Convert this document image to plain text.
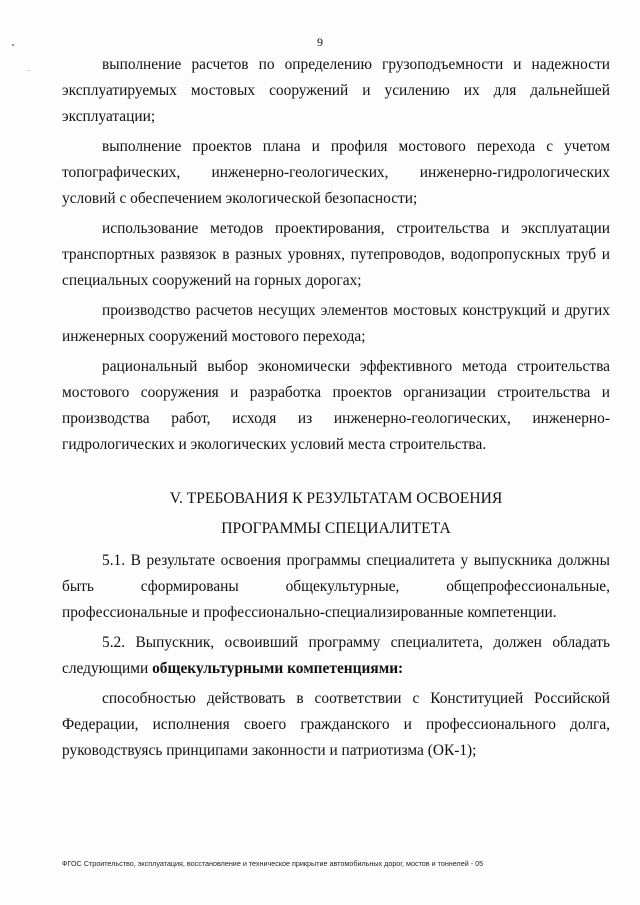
9

выполнение расчетов по определению грузоподъемности и надежности эксплуатируемых мостовых сооружений и усилению их для дальнейшей эксплуатации;

выполнение проектов плана и профиля мостового перехода с учетом топографических, инженерно-геологических, инженерно-гидрологических условий с обеспечением экологической безопасности;

использование методов проектирования, строительства и эксплуатации транспортных развязок в разных уровнях, путепроводов, водопропускных труб и специальных сооружений на горных дорогах;

производство расчетов несущих элементов мостовых конструкций и других инженерных сооружений мостового перехода;

рациональный выбор экономически эффективного метода строительства мостового сооружения и разработка проектов организации строительства и производства работ, исходя из инженерно-геологических, инженерно-гидрологических и экологических условий места строительства.

V. ТРЕБОВАНИЯ К РЕЗУЛЬТАТАМ ОСВОЕНИЯ
ПРОГРАММЫ СПЕЦИАЛИТЕТА

5.1. В результате освоения программы специалитета у выпускника должны быть сформированы общекультурные, общепрофессиональные, профессиональные и профессионально-специализированные компетенции.

5.2. Выпускник, освоивший программу специалитета, должен обладать следующими общекультурными компетенциями:

способностью действовать в соответствии с Конституцией Российской Федерации, исполнения своего гражданского и профессионального долга, руководствуясь принципами законности и патриотизма (ОК-1);

ФГОС Строительство, эксплуатация, восстановление и техническое прикрытие автомобильных дорог, мостов и тоннелей - 05
